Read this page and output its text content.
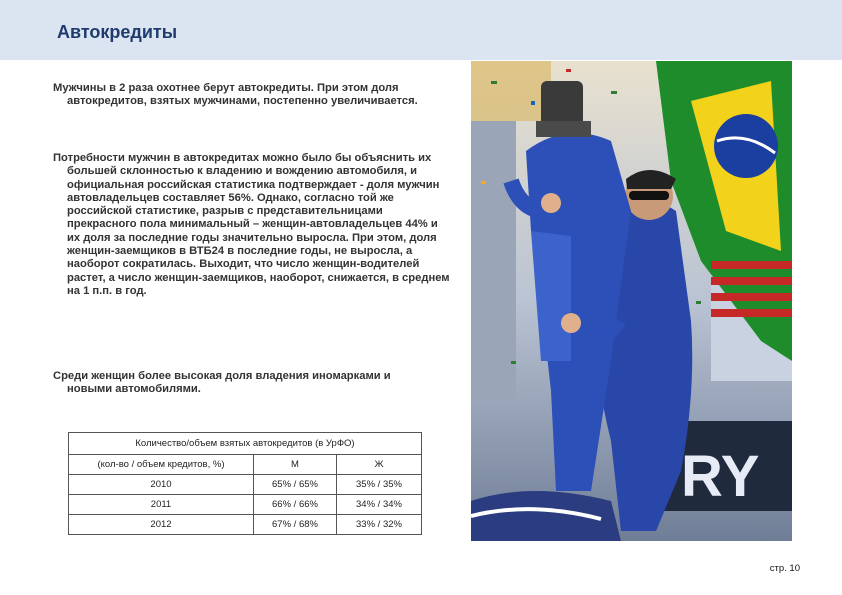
Автокредиты
Мужчины в 2 раза охотнее берут автокредиты. При этом доля автокредитов, взятых мужчинами, постепенно увеличивается.
Потребности мужчин в автокредитах можно было бы объяснить их большей склонностью к владению и вождению автомобиля, и официальная российская статистика подтверждает - доля мужчин автовладельцев составляет 56%. Однако, согласно той же российской статистике, разрыв с представительницами прекрасного пола минимальный – женщин-автовладельцев 44% и их доля за последние годы значительно выросла. При этом, доля женщин-заемщиков в ВТБ24 в последние годы, не выросла, а наоборот сократилась. Выходит, что число женщин-водителей растет, а число женщин-заемщиков, наоборот, снижается, в среднем на 1 п.п. в год.
Среди женщин более высокая доля владения иномарками и новыми автомобилями.
Количество/объем взятых автокредитов (в УрФО)		
(кол-во / объем кредитов, %)	М	Ж
2010	65% / 65%	35% / 35%
2011	66% / 66%	34% / 34%
2012	67% / 68%	33% / 32%
RY
стр. 10
